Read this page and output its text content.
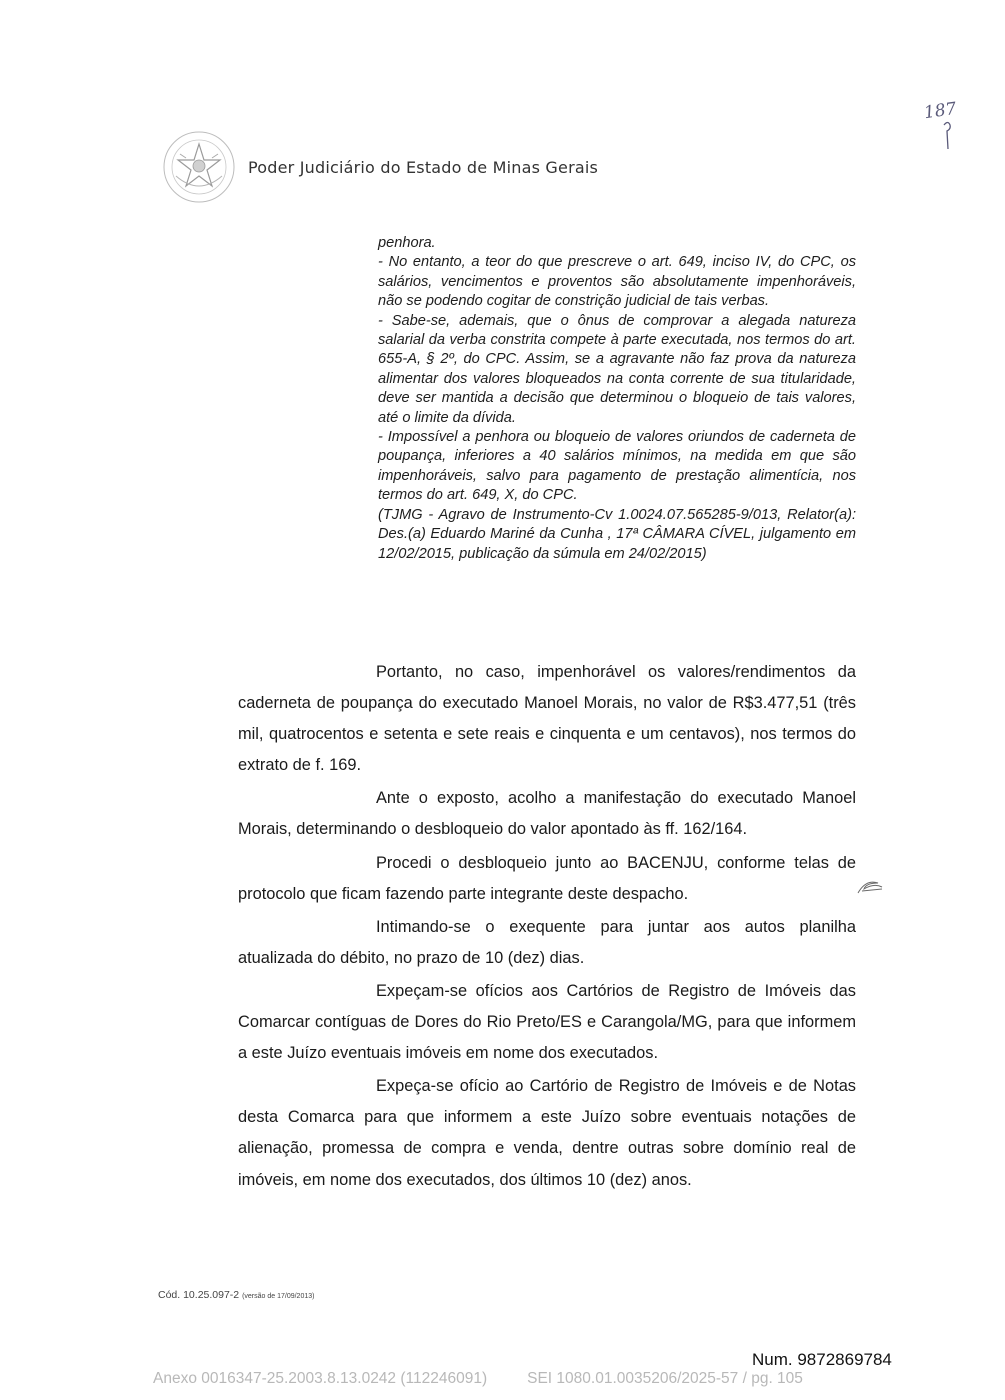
Poder Judiciário do Estado de Minas Gerais
187

penhora.

- No entanto, a teor do que prescreve o art. 649, inciso IV, do CPC, os salários, vencimentos e proventos são absolutamente impenhoráveis, não se podendo cogitar de constrição judicial de tais verbas.

- Sabe-se, ademais, que o ônus de comprovar a alegada natureza salarial da verba constrita compete à parte executada, nos termos do art. 655-A, § 2º, do CPC. Assim, se a agravante não faz prova da natureza alimentar dos valores bloqueados na conta corrente de sua titularidade, deve ser mantida a decisão que determinou o bloqueio de tais valores, até o limite da dívida.

- Impossível a penhora ou bloqueio de valores oriundos de caderneta de poupança, inferiores a 40 salários mínimos, na medida em que são impenhoráveis, salvo para pagamento de prestação alimentícia, nos termos do art. 649, X, do CPC.

(TJMG - Agravo de Instrumento-Cv 1.0024.07.565285-9/013, Relator(a): Des.(a) Eduardo Mariné da Cunha , 17ª CÂMARA CÍVEL, julgamento em 12/02/2015, publicação da súmula em 24/02/2015)

Portanto, no caso, impenhorável os valores/rendimentos da caderneta de poupança do executado Manoel Morais, no valor de R$3.477,51 (três mil, quatrocentos e setenta e sete reais e cinquenta e um centavos), nos termos do extrato de f. 169.

Ante o exposto, acolho a manifestação do executado Manoel Morais, determinando o desbloqueio do valor apontado às ff. 162/164.

Procedi o desbloqueio junto ao BACENJU, conforme telas de protocolo que ficam fazendo parte integrante deste despacho.

Intimando-se o exequente para juntar aos autos planilha atualizada do débito, no prazo de 10 (dez) dias.

Expeçam-se ofícios aos Cartórios de Registro de Imóveis das Comarcar contíguas de Dores do Rio Preto/ES e Carangola/MG, para que informem a este Juízo eventuais imóveis em nome dos executados.

Expeça-se ofício ao Cartório de Registro de Imóveis e de Notas desta Comarca para que informem a este Juízo sobre eventuais notações de alienação, promessa de compra e venda, dentre outras sobre domínio real de imóveis, em nome dos executados, dos últimos 10 (dez) anos.

Cód. 10.25.097-2 (versão de 17/09/2013)
Num. 9872869784
Anexo 0016347-25.2003.8.13.0242 (112246091)	SEI 1080.01.0035206/2025-57 / pg. 105
